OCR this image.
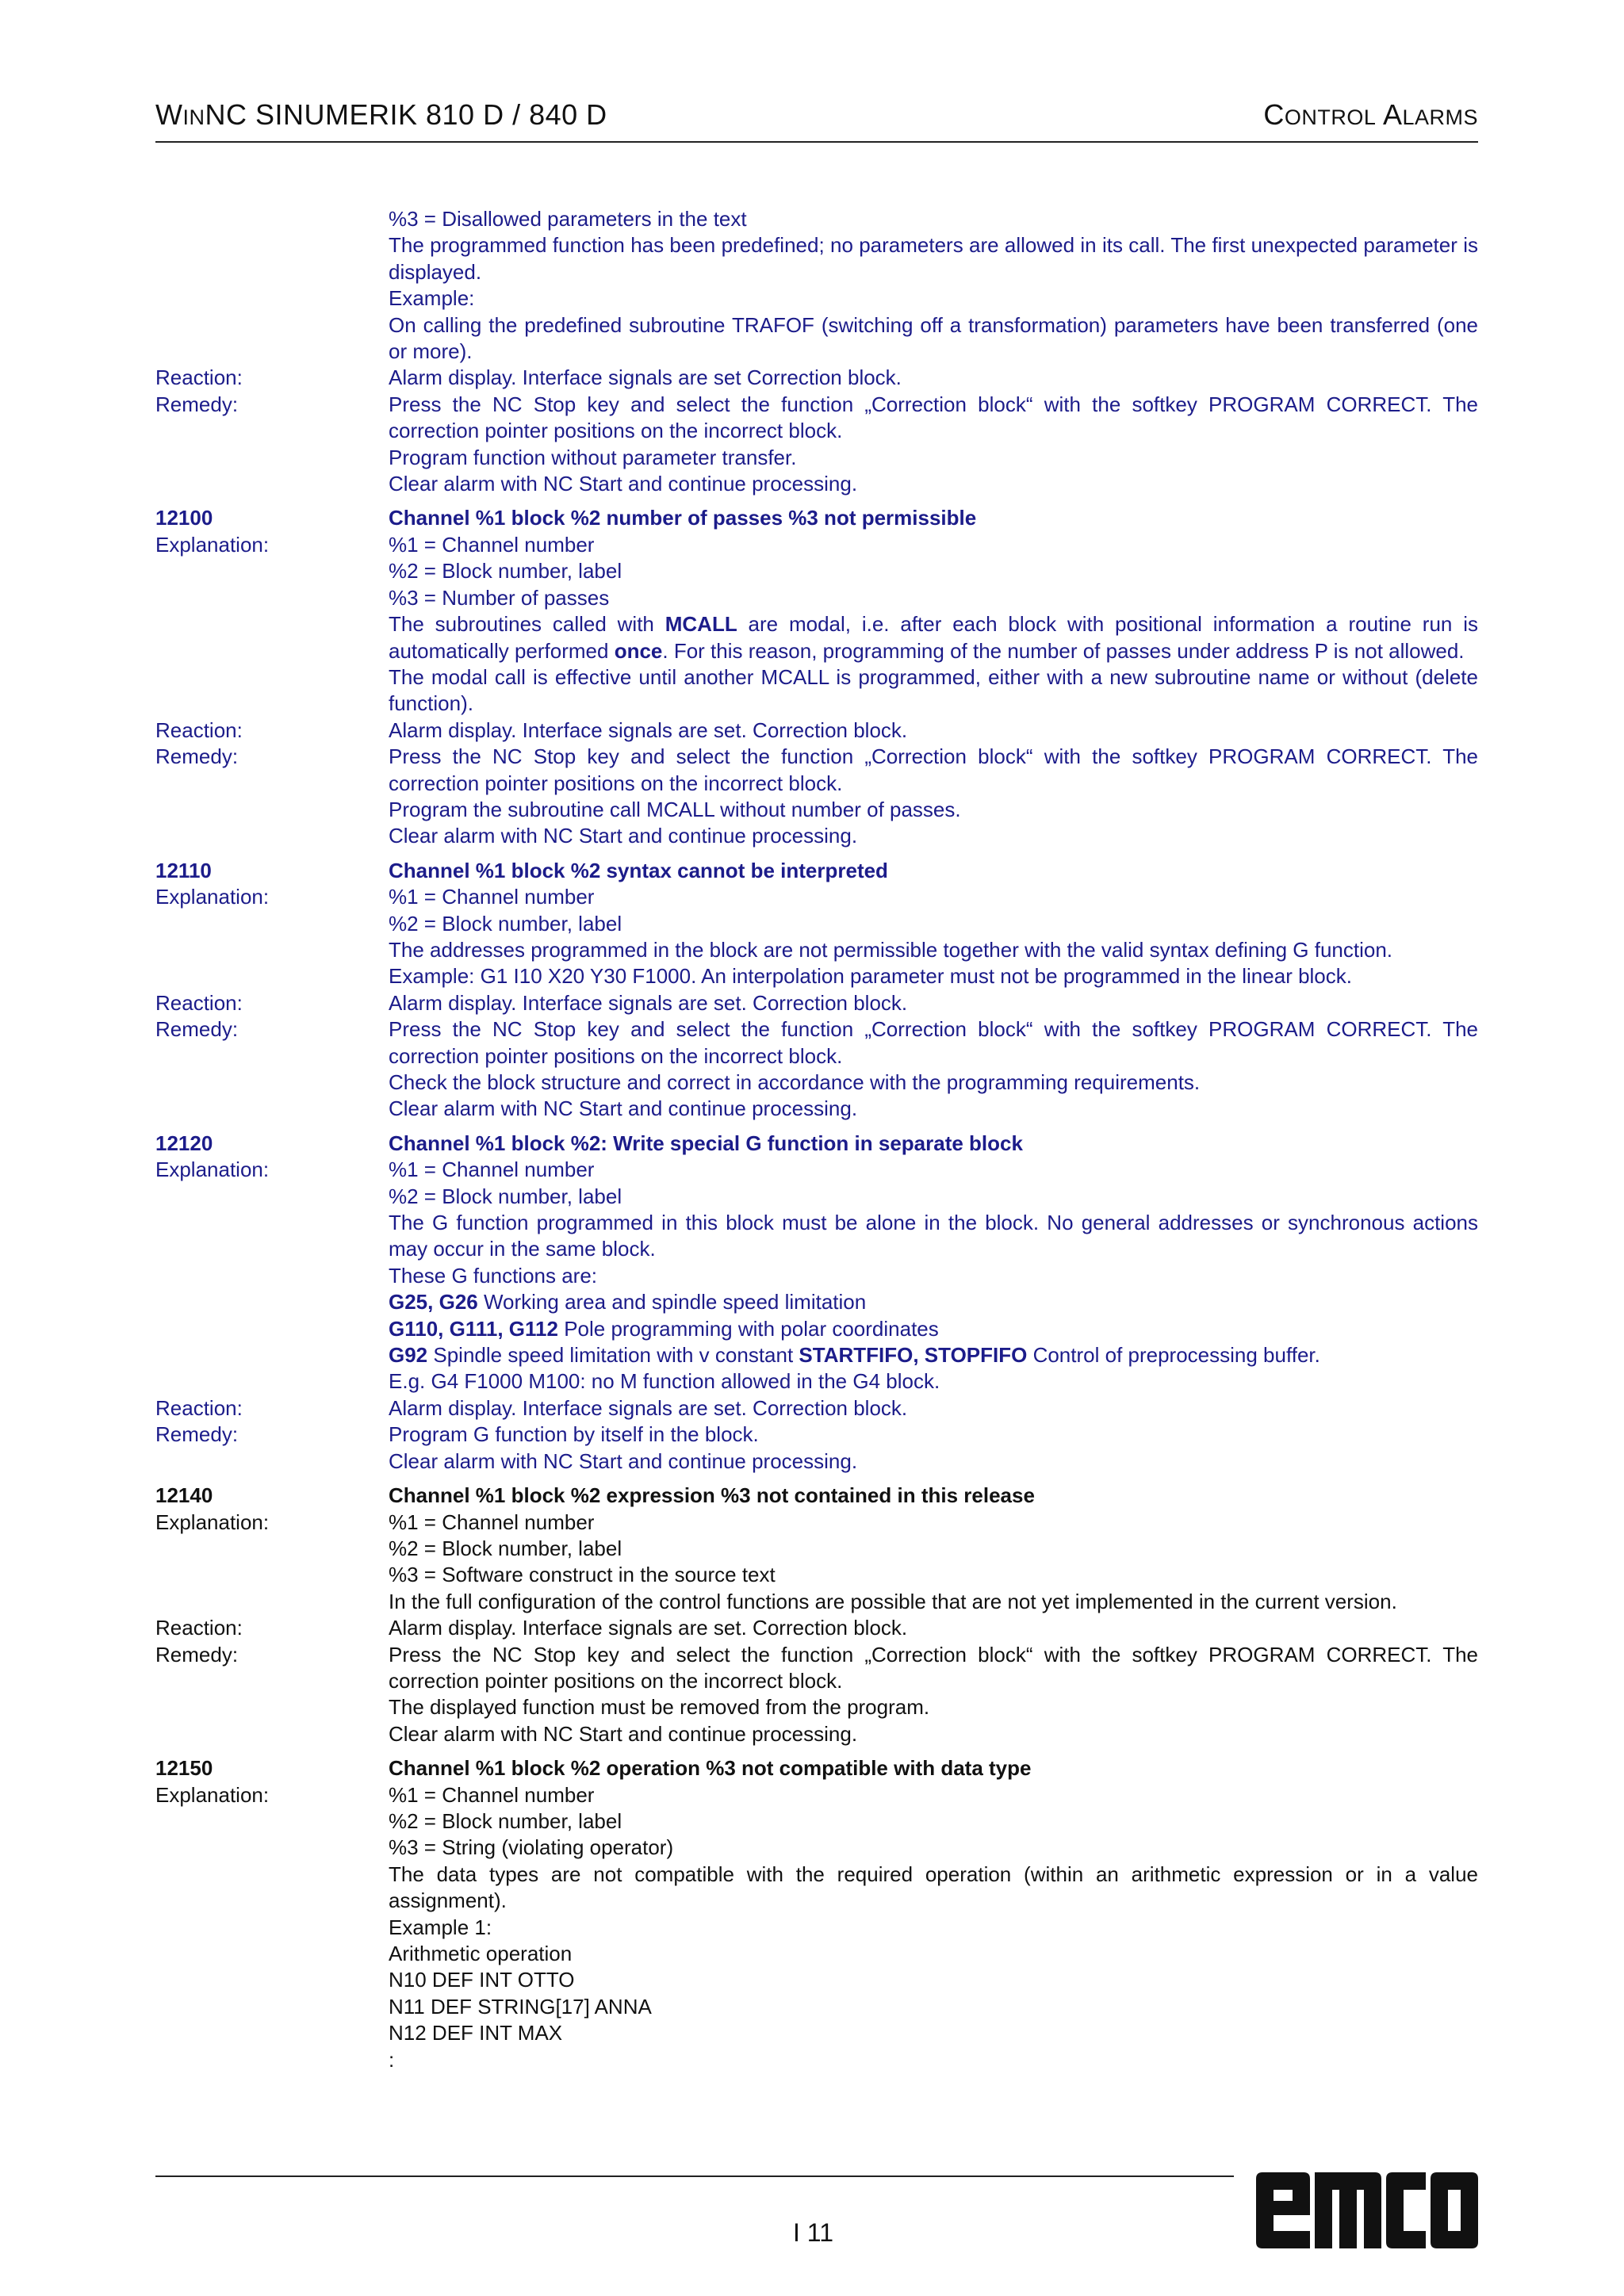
WINNC SINUMERIK 810 D / 840 D	CONTROL ALARMS
%3 = Disallowed parameters in the text
The programmed function has been predefined; no parameters are allowed in its call. The first unexpected parameter is displayed.
Example:
On calling the predefined subroutine TRAFOF (switching off a transformation) parameters have been transferred (one or more).
Reaction:	Alarm display. Interface signals are set Correction block.
Remedy:	Press the NC Stop key and select the function „Correction block“ with the softkey PROGRAM CORRECT. The correction pointer positions on the incorrect block.
Program function without parameter transfer.
Clear alarm with NC Start and continue processing.
12100	Channel %1 block %2 number of passes %3 not permissible
Explanation:	%1 = Channel number
%2 = Block number, label
%3 = Number of passes
The subroutines called with MCALL are modal, i.e. after each block with positional information a routine run is automatically performed once. For this reason, programming of the number of passes under address P is not allowed.
The modal call is effective until another MCALL is programmed, either with a new subroutine name or without (delete function).
Reaction:	Alarm display. Interface signals are set. Correction block.
Remedy:	Press the NC Stop key and select the function „Correction block“ with the softkey PROGRAM CORRECT. The correction pointer positions on the incorrect block.
Program the subroutine call MCALL without number of passes.
Clear alarm with NC Start and continue processing.
12110	Channel %1 block %2 syntax cannot be interpreted
Explanation:	%1 = Channel number
%2 = Block number, label
The addresses programmed in the block are not permissible together with the valid syntax defining G function.
Example: G1 I10 X20 Y30 F1000. An interpolation parameter must not be programmed in the linear block.
Reaction:	Alarm display. Interface signals are set. Correction block.
Remedy:	Press the NC Stop key and select the function „Correction block“ with the softkey PROGRAM CORRECT. The correction pointer positions on the incorrect block.
Check the block structure and correct in accordance with the programming requirements.
Clear alarm with NC Start and continue processing.
12120	Channel %1 block %2: Write special G function in separate block
Explanation:	%1 = Channel number
%2 = Block number, label
The G function programmed in this block must be alone in the block. No general addresses or synchronous actions may occur in the same block.
These G functions are:
G25, G26 Working area and spindle speed limitation
G110, G111, G112 Pole programming with polar coordinates
G92 Spindle speed limitation with v constant STARTFIFO, STOPFIFO Control of preprocessing buffer.
E.g. G4 F1000 M100: no M function allowed in the G4 block.
Reaction:	Alarm display. Interface signals are set. Correction block.
Remedy:	Program G function by itself in the block.
Clear alarm with NC Start and continue processing.
12140	Channel %1 block %2 expression %3 not contained in this release
Explanation:	%1 = Channel number
%2 = Block number, label
%3 = Software construct in the source text
In the full configuration of the control functions are possible that are not yet implemented in the current version.
Reaction:	Alarm display. Interface signals are set. Correction block.
Remedy:	Press the NC Stop key and select the function „Correction block“ with the softkey PROGRAM CORRECT. The correction pointer positions on the incorrect block.
The displayed function must be removed from the program.
Clear alarm with NC Start and continue processing.
12150	Channel %1 block %2 operation %3 not compatible with data type
Explanation:	%1 = Channel number
%2 = Block number, label
%3 = String (violating operator)
The data types are not compatible with the required operation (within an arithmetic expression or in a value assignment).
Example 1:
Arithmetic operation
N10 DEF INT OTTO
N11 DEF STRING[17] ANNA
N12 DEF INT MAX
:
I 11
